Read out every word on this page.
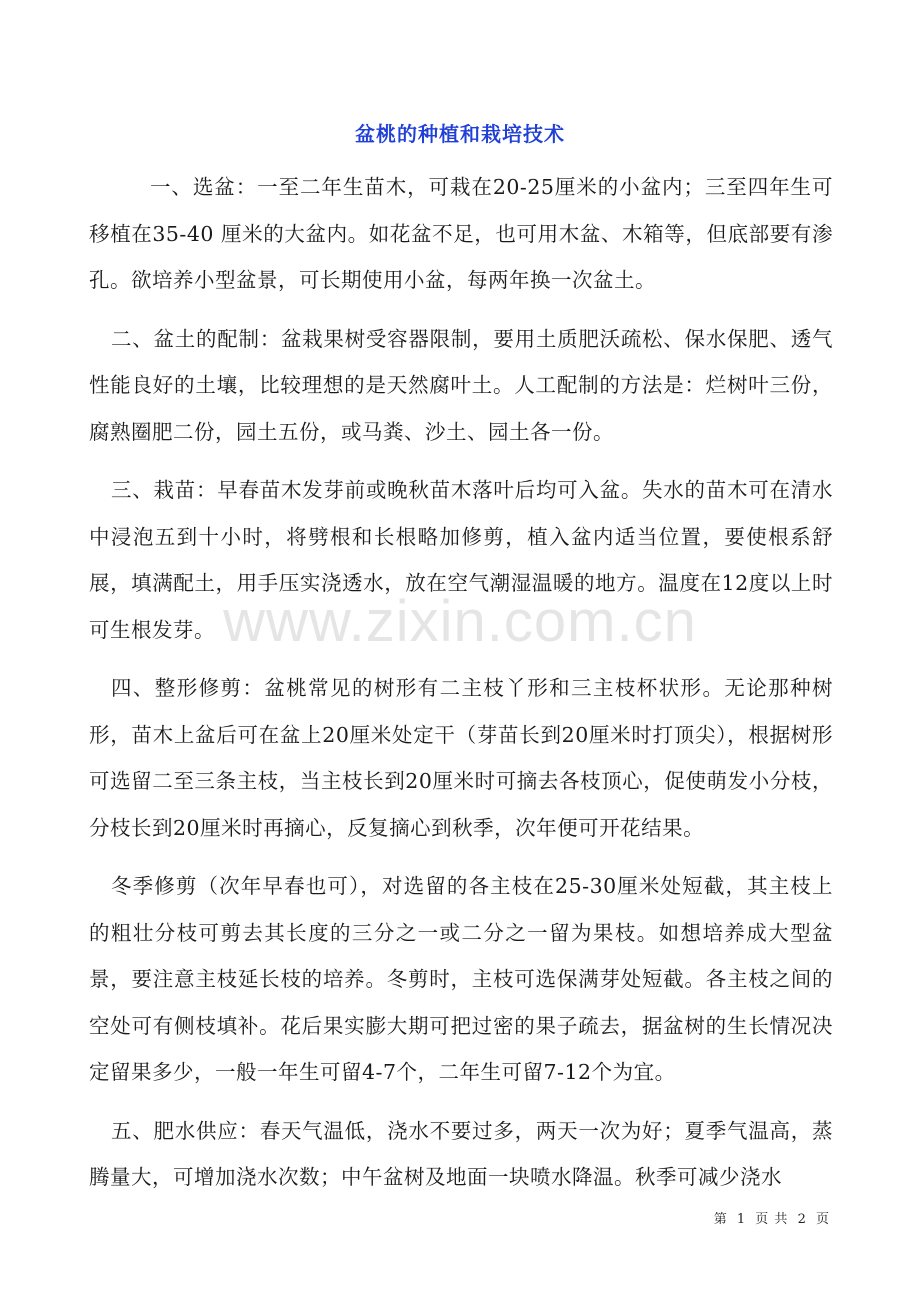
盆桃的种植和栽培技术

一、选盆：一至二年生苗木，可栽在20-25厘米的小盆内；三至四年生可移植在35-40 厘米的大盆内。如花盆不足，也可用木盆、木箱等，但底部要有渗孔。欲培养小型盆景，可长期使用小盆，每两年换一次盆土。

二、盆土的配制：盆栽果树受容器限制，要用土质肥沃疏松、保水保肥、透气性能良好的土壤，比较理想的是天然腐叶土。人工配制的方法是：烂树叶三份，腐熟圈肥二份，园土五份，或马粪、沙土、园土各一份。

三、栽苗：早春苗木发芽前或晚秋苗木落叶后均可入盆。失水的苗木可在清水中浸泡五到十小时，将劈根和长根略加修剪，植入盆内适当位置，要使根系舒展，填满配土，用手压实浇透水，放在空气潮湿温暖的地方。温度在12度以上时可生根发芽。

四、整形修剪：盆桃常见的树形有二主枝丫形和三主枝杯状形。无论那种树形，苗木上盆后可在盆上20厘米处定干（芽苗长到20厘米时打顶尖），根据树形可选留二至三条主枝，当主枝长到20厘米时可摘去各枝顶心，促使萌发小分枝，分枝长到20厘米时再摘心，反复摘心到秋季，次年便可开花结果。

冬季修剪（次年早春也可），对选留的各主枝在25-30厘米处短截，其主枝上的粗壮分枝可剪去其长度的三分之一或二分之一留为果枝。如想培养成大型盆景，要注意主枝延长枝的培养。冬剪时，主枝可选保满芽处短截。各主枝之间的空处可有侧枝填补。花后果实膨大期可把过密的果子疏去，据盆树的生长情况决定留果多少，一般一年生可留4-7个，二年生可留7-12个为宜。

五、肥水供应：春天气温低，浇水不要过多，两天一次为好；夏季气温高，蒸腾量大，可增加浇水次数；中午盆树及地面一块喷水降温。秋季可减少浇水

www.zixin.com.cn
第 1 页 共 2 页
